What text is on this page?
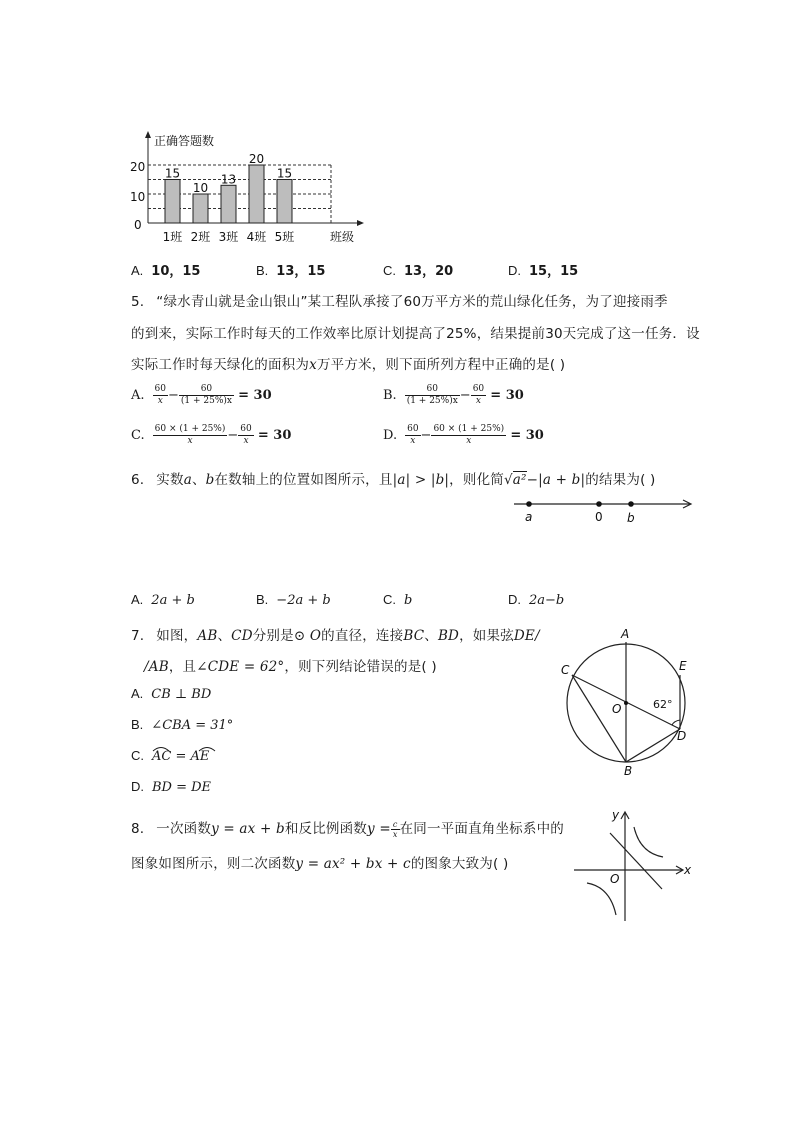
15
1班
10
2班
13
3班
20
4班
15
5班
正确答题数
20
10
0
班级
A. 10，15	B. 13，15	C. 13，20	D. 15，15
5. “绿水青山就是金山银山”某工程队承接了60万平方米的荒山绿化任务，为了迎接雨季
的到来，实际工作时每天的工作效率比原计划提高了25%，结果提前30天完成了这一任务．设
实际工作时每天绿化的面积为x万平方米，则下面所列方程中正确的是( )
A. $\frac{60}{x} - \frac{60}{(1 + 25\%)x} = 30$	B. $\frac{60}{(1 + 25\%)x} - \frac{60}{x} = 30$
C. $\frac{60 \times (1 + 25\%)}{x} - \frac{60}{x} = 30$	D. $\frac{60}{x} - \frac{60 \times (1 + 25\%)}{x} = 30$
6. 实数a、b在数轴上的位置如图所示，且|a| > |b|，则化简√a²−|a + b|的结果为( )
a	0 b
A. 2a + b	B. −2a + b	C. b	D. 2a−b
7. 如图，AB、CD分别是⊙ O的直径，连接BC、BD，如果弦DE/
/AB，且∠CDE = 62°，则下列结论错误的是( )
A. CB ⊥ BD
B. ∠CBA = 31°
C. AC = AE
D. BD = DE
A
B
C
D
E
O	62°
8. 一次函数y = ax + b和反比例函数$y = \frac{c}{x}$ 在同一平面直角坐标系中的
图象如图所示，则二次函数y = ax² + bx + c的图象大致为( )	x
y
O
